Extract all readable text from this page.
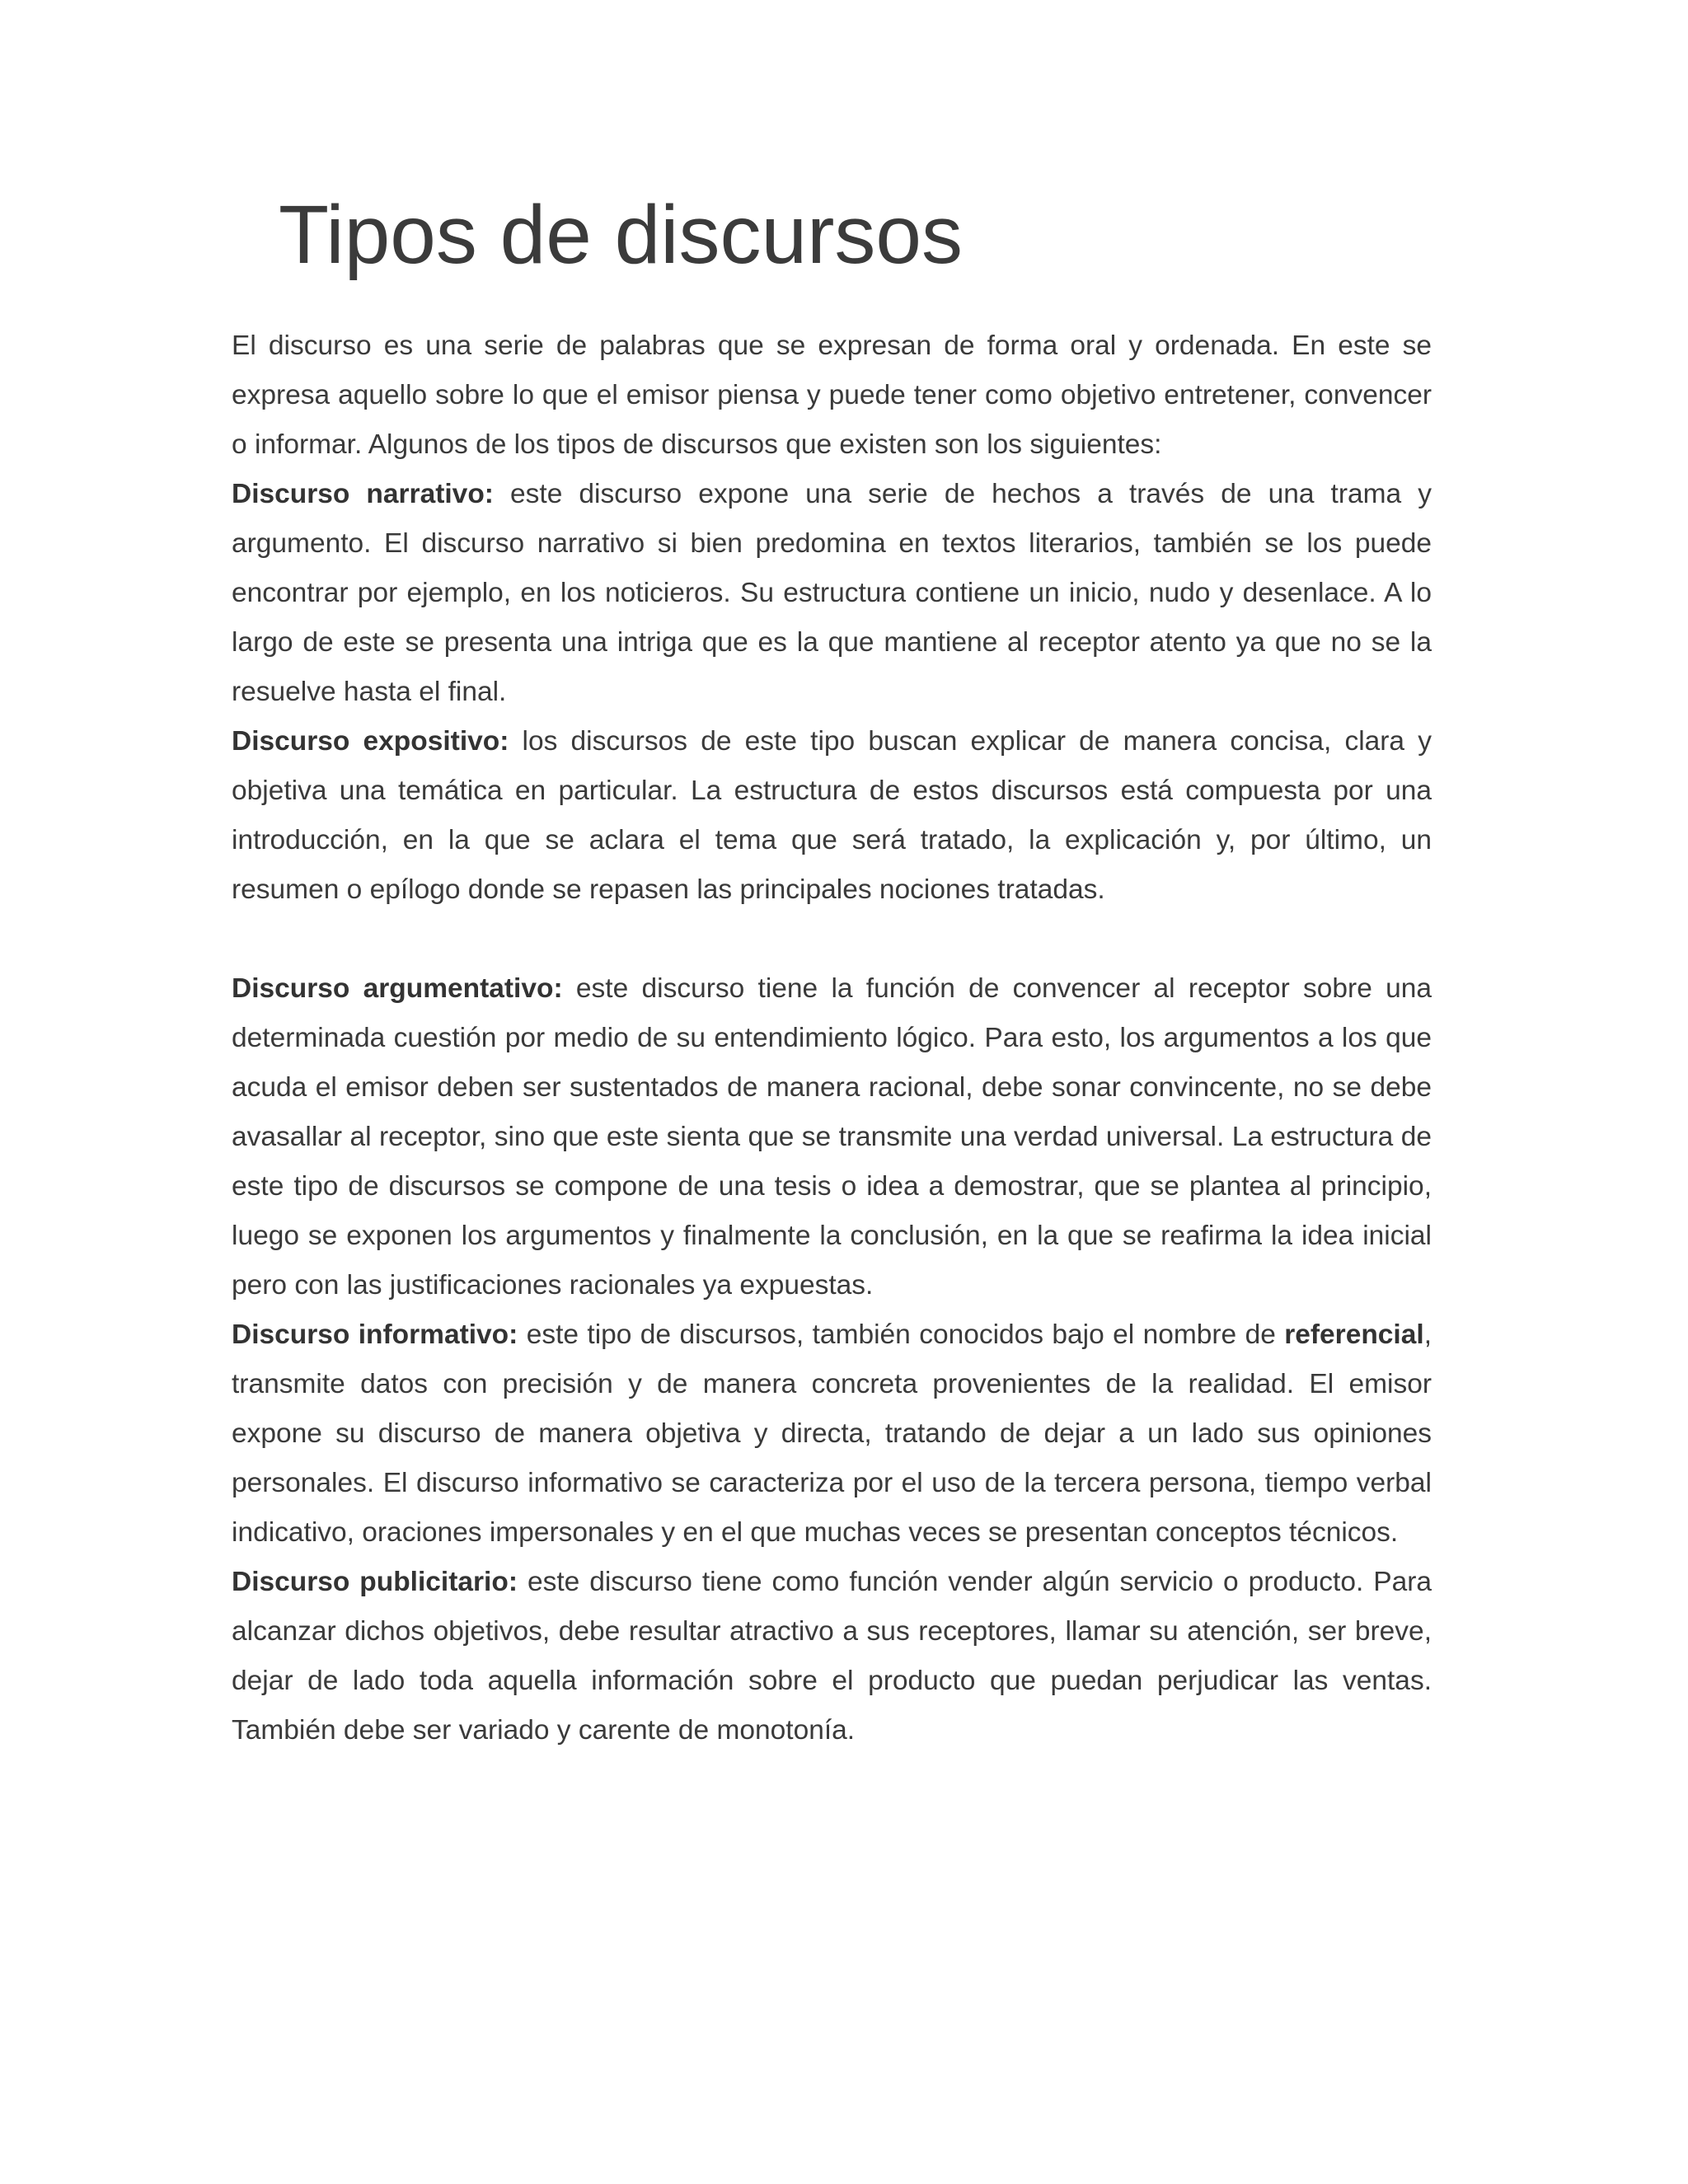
Tipos de discursos

El discurso es una serie de palabras que se expresan de forma oral y ordenada. En este se expresa aquello sobre lo que el emisor piensa y puede tener como objetivo entretener, convencer o informar. Algunos de los tipos de discursos que existen son los siguientes:

Discurso narrativo: este discurso expone una serie de hechos a través de una trama y argumento. El discurso narrativo si bien predomina en textos literarios, también se los puede encontrar por ejemplo, en los noticieros. Su estructura contiene un inicio, nudo y desenlace. A lo largo de este se presenta una intriga que es la que mantiene al receptor atento ya que no se la resuelve hasta el final.

Discurso expositivo: los discursos de este tipo buscan explicar de manera concisa, clara y objetiva una temática en particular. La estructura de estos discursos está compuesta por una introducción, en la que se aclara el tema que será tratado, la explicación y, por último, un resumen o epílogo donde se repasen las principales nociones tratadas.

Discurso argumentativo: este discurso tiene la función de convencer al receptor sobre una determinada cuestión por medio de su entendimiento lógico. Para esto, los argumentos a los que acuda el emisor deben ser sustentados de manera racional, debe sonar convincente, no se debe avasallar al receptor, sino que este sienta que se transmite una verdad universal. La estructura de este tipo de discursos se compone de una tesis o idea a demostrar, que se plantea al principio, luego se exponen los argumentos y finalmente la conclusión, en la que se reafirma la idea inicial pero con las justificaciones racionales ya expuestas.

Discurso informativo: este tipo de discursos, también conocidos bajo el nombre de referencial, transmite datos con precisión y de manera concreta provenientes de la realidad. El emisor expone su discurso de manera objetiva y directa, tratando de dejar a un lado sus opiniones personales. El discurso informativo se caracteriza por el uso de la tercera persona, tiempo verbal indicativo, oraciones impersonales y en el que muchas veces se presentan conceptos técnicos.

Discurso publicitario: este discurso tiene como función vender algún servicio o producto. Para alcanzar dichos objetivos, debe resultar atractivo a sus receptores, llamar su atención, ser breve, dejar de lado toda aquella información sobre el producto que puedan perjudicar las ventas. También debe ser variado y carente de monotonía.
